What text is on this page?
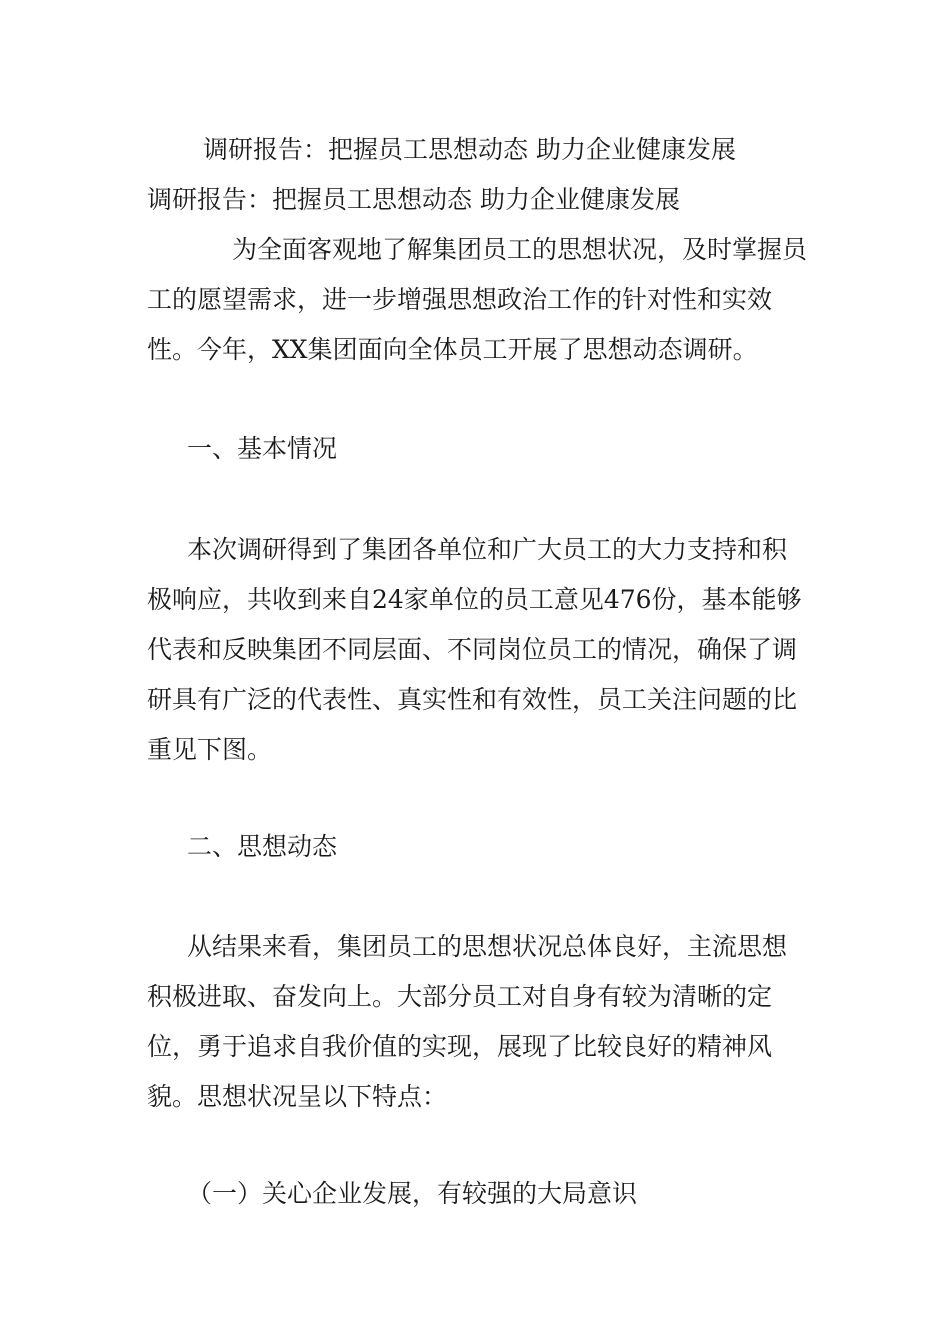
调研报告：把握员工思想动态 助力企业健康发展
调研报告：把握员工思想动态 助力企业健康发展
为全面客观地了解集团员工的思想状况，及时掌握员工的愿望需求，进一步增强思想政治工作的针对性和实效性。今年，XX集团面向全体员工开展了思想动态调研。
一、基本情况
本次调研得到了集团各单位和广大员工的大力支持和积极响应，共收到来自24家单位的员工意见476份，基本能够代表和反映集团不同层面、不同岗位员工的情况，确保了调研具有广泛的代表性、真实性和有效性，员工关注问题的比重见下图。
二、思想动态
从结果来看，集团员工的思想状况总体良好，主流思想积极进取、奋发向上。大部分员工对自身有较为清晰的定位，勇于追求自我价值的实现，展现了比较良好的精神风貌。思想状况呈以下特点：
（一）关心企业发展，有较强的大局意识
